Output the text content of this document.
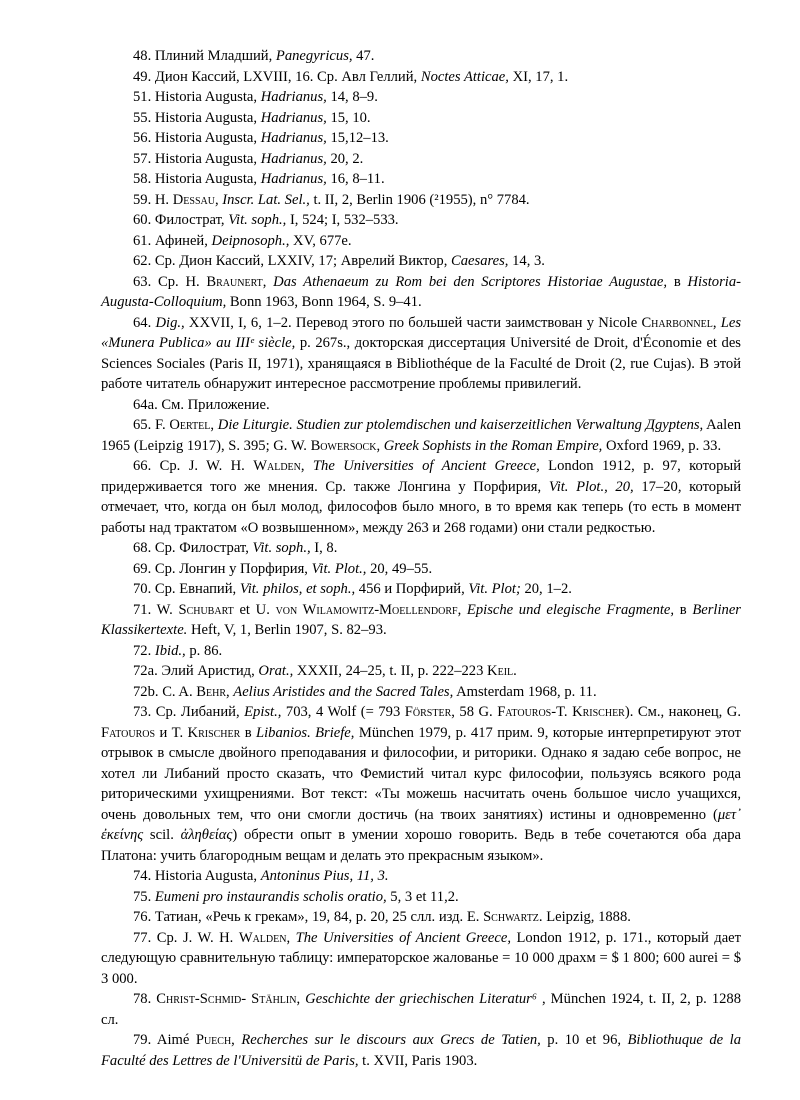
48. Плиний Младший, Panegyricus, 47.

49. Дион Кассий, LXVIII, 16. Ср. Авл Геллий, Noctes Atticae, XI, 17, 1.

51. Historia Augusta, Hadrianus, 14, 8–9.

55. Historia Augusta, Hadrianus, 15, 10.

56. Historia Augusta, Hadrianus, 15,12–13.

57. Historia Augusta, Hadrianus, 20, 2.

58. Historia Augusta, Hadrianus, 16, 8–11.

59. H. Dessau, Inscr. Lat. Sel., t. II, 2, Berlin 1906 (²1955), n° 7784.

60. Филострат, Vit. soph., I, 524; I, 532–533.

61. Афиней, Deipnosoph., XV, 677e.

62. Ср. Дион Кассий, LXXIV, 17; Аврелий Виктор, Caesares, 14, 3.

63. Ср. H. Braunert, Das Athenaeum zu Rom bei den Scriptores Historiae Augustae, в Historia-Augusta-Colloquium, Bonn 1963, Bonn 1964, S. 9–41.

64. Dig., XXVII, I, 6, 1–2. Перевод этого по большей части заимствован у Nicole Charbonnel, Les «Munera Publica» au IIIᵉ siècle, p. 267s., докторская диссертация Université de Droit, d'Économie et des Sciences Sociales (Paris II, 1971), хранящаяся в Bibliothéque de la Faculté de Droit (2, rue Cujas). В этой работе читатель обнаружит интересное рассмотрение проблемы привилегий.

64a. См. Приложение.

65. F. Oertel, Die Liturgie. Studien zur ptolemdischen und kaiserzeitlichen Verwaltung Дgyptens, Aalen 1965 (Leipzig 1917), S. 395; G. W. Bowersock, Greek Sophists in the Roman Empire, Oxford 1969, p. 33.

66. Ср. J. W. H. Walden, The Universities of Ancient Greece, London 1912, p. 97, который придерживается того же мнения. Ср. также Лонгина у Порфирия, Vit. Plot., 20, 17–20, который отмечает, что, когда он был молод, философов было много, в то время как теперь (то есть в момент работы над трактатом «О возвышенном», между 263 и 268 годами) они стали редкостью.

68. Ср. Филострат, Vit. soph., I, 8.

69. Ср. Лонгин у Порфирия, Vit. Plot., 20, 49–55.

70. Ср. Евнапий, Vit. philos, et soph., 456 и Порфирий, Vit. Plot; 20, 1–2.

71. W. Schubart et U. von Wilamowitz-Moellendorf, Epische und elegische Fragmente, в Berliner Klassikertexte. Heft, V, 1, Berlin 1907, S. 82–93.

72. Ibid., p. 86.

72a. Элий Аристид, Orat., XXXII, 24–25, t. II, p. 222–223 Keil.

72b. C. A. Behr, Aelius Aristides and the Sacred Tales, Amsterdam 1968, p. 11.

73. Ср. Либаний, Epist., 703, 4 Wolf (= 793 Förster, 58 G. Fatouros-T. Krischer). См., наконец, G. Fatouros и T. Krischer в Libanios. Briefe, München 1979, p. 417 прим. 9, которые интерпретируют этот отрывок в смысле двойного преподавания и философии, и риторики. Однако я задаю себе вопрос, не хотел ли Либаний просто сказать, что Фемистий читал курс философии, пользуясь всякого рода риторическими ухищрениями. Вот текст: «Ты можешь насчитать очень большое число учащихся, очень довольных тем, что они смогли достичь (на твоих занятиях) истины и одновременно (μετ᾽ ἐκείνης scil. ἀληθείας) обрести опыт в умении хорошо говорить. Ведь в тебе сочетаются оба дара Платона: учить благородным вещам и делать это прекрасным языком».

74. Historia Augusta, Antoninus Pius, 11, 3.

75. Eumeni pro instaurandis scholis oratio, 5, 3 et 11,2.

76. Татиан, «Речь к грекам», 19, 84, p. 20, 25 слл. изд. E. Schwartz. Leipzig, 1888.

77. Ср. J. W. H. Walden, The Universities of Ancient Greece, London 1912, p. 171., который дает следующую сравнительную таблицу: императорское жалованье = 10 000 драхм = $ 1 800; 600 aurei = $ 3 000.

78. Christ-Schmid- Stählin, Geschichte der griechischen Literatur⁶ , München 1924, t. II, 2, p. 1288 сл.

79. Aimé Puech, Recherches sur le discours aux Grecs de Tatien, p. 10 et 96, Bibliothuque de la Faculté des Lettres de l'Universitü de Paris, t. XVII, Paris 1903.
